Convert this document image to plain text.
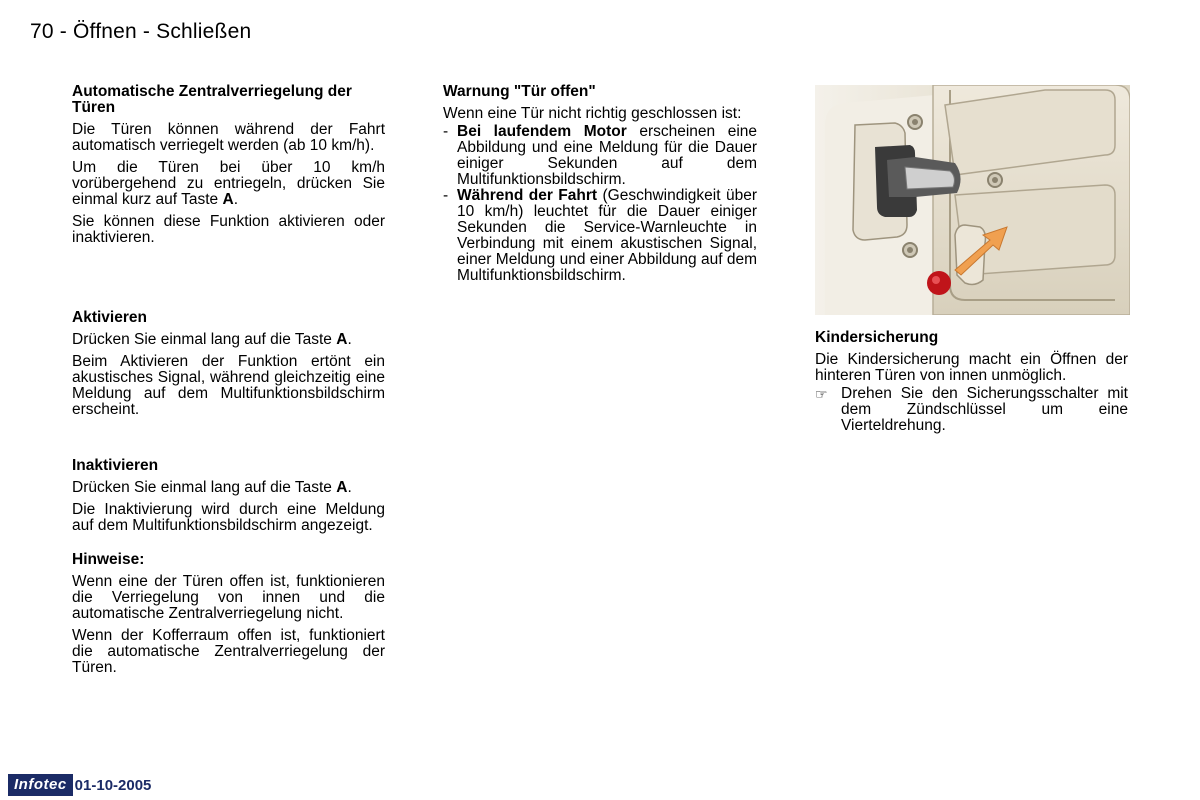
70 - Öffnen - Schließen
Automatische Zentralverriegelung der Türen

Die Türen können während der Fahrt automatisch verriegelt werden (ab 10 km/h).

Um die Türen bei über 10 km/h vorübergehend zu entriegeln, drücken Sie einmal kurz auf Taste A.

Sie können diese Funktion aktivieren oder inaktivieren.

Aktivieren

Drücken Sie einmal lang auf die Taste A.

Beim Aktivieren der Funktion ertönt ein akustisches Signal, während gleichzeitig eine Meldung auf dem Multifunktionsbildschirm erscheint.

Inaktivieren

Drücken Sie einmal lang auf die Taste A.

Die Inaktivierung wird durch eine Meldung auf dem Multifunktionsbildschirm angezeigt.

Hinweise:

Wenn eine der Türen offen ist, funktionieren die Verriegelung von innen und die automatische Zentralverriegelung nicht.

Wenn der Kofferraum offen ist, funktioniert die automatische Zentralverriegelung der Türen.

Warnung "Tür offen"

Wenn eine Tür nicht richtig geschlossen ist:

- Bei laufendem Motor erscheinen eine Abbildung und eine Meldung für die Dauer einiger Sekunden auf dem Multifunktionsbildschirm.
- Während der Fahrt (Geschwindigkeit über 10 km/h) leuchtet für die Dauer einiger Sekunden die Service-Warnleuchte in Verbindung mit einem akustischen Signal, einer Meldung und einer Abbildung auf dem Multifunktionsbildschirm.
Kindersicherung

Die Kindersicherung macht ein Öffnen der hinteren Türen von innen unmöglich.

☞ Drehen Sie den Sicherungsschalter mit dem Zündschlüssel um eine Vierteldrehung.
Infotec 01-10-2005
